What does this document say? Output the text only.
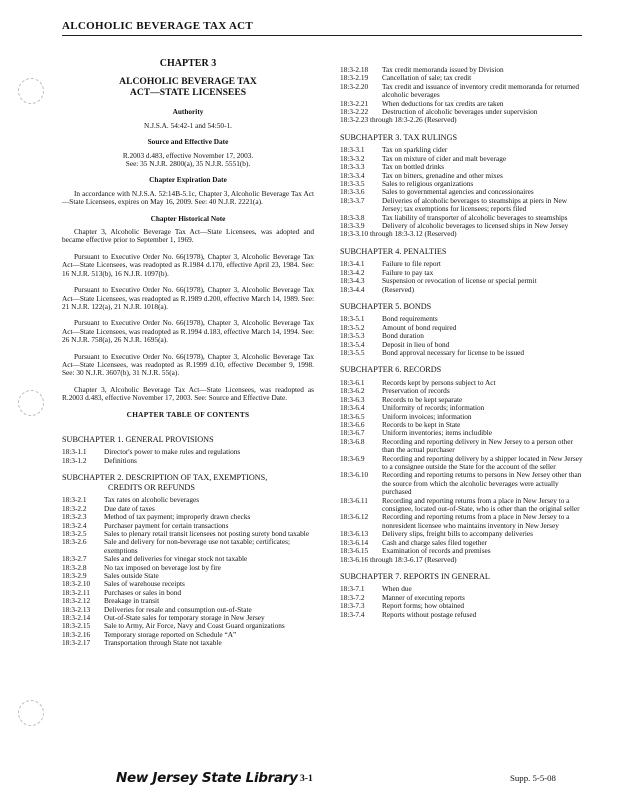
ALCOHOLIC BEVERAGE TAX ACT
CHAPTER 3
ALCOHOLIC BEVERAGE TAX
ACT—STATE LICENSEES
Authority
N.J.S.A. 54:42-1 and 54:50-1.
Source and Effective Date
R.2003 d.483, effective November 17, 2003.
See: 35 N.J.R. 2800(a), 35 N.J.R. 5551(b).
Chapter Expiration Date
In accordance with N.J.S.A. 52:14B-5.1c, Chapter 3, Alcoholic Beverage Tax Act—State Licensees, expires on May 16, 2009. See: 40 N.J.R. 2221(a).
Chapter Historical Note
Chapter 3, Alcoholic Beverage Tax Act—State Licensees, was adopted and became effective prior to September 1, 1969.
Pursuant to Executive Order No. 66(1978), Chapter 3, Alcoholic Beverage Tax Act—State Licensees, was readopted as R.1984 d.170, effective April 23, 1984. See: 16 N.J.R. 513(b), 16 N.J.R. 1097(b).
Pursuant to Executive Order No. 66(1978), Chapter 3, Alcoholic Beverage Tax Act—State Licensees, was readopted as R.1989 d.200, effective March 14, 1989. See: 21 N.J.R. 122(a), 21 N.J.R. 1018(a).
Pursuant to Executive Order No. 66(1978), Chapter 3, Alcoholic Beverage Tax Act—State Licensees, was readopted as R.1994 d.183, effective March 14, 1994. See: 26 N.J.R. 758(a), 26 N.J.R. 1695(a).
Pursuant to Executive Order No. 66(1978), Chapter 3, Alcoholic Beverage Tax Act—State Licensees, was readopted as R.1999 d.10, effective December 9, 1998. See: 30 N.J.R. 3607(b), 31 N.J.R. 55(a).
Chapter 3, Alcoholic Beverage Tax Act—State Licensees, was readopted as R.2003 d.483, effective November 17, 2003. See: Source and Effective Date.
CHAPTER TABLE OF CONTENTS
SUBCHAPTER 1. GENERAL PROVISIONS
18:3-1.1	Director's power to make rules and regulations
18:3-1.2	Definitions
SUBCHAPTER 2. DESCRIPTION OF TAX, EXEMPTIONS,
CREDITS OR REFUNDS
18:3-2.1	Tax rates on alcoholic beverages
18:3-2.2	Due date of taxes
18:3-2.3	Method of tax payment; improperly drawn checks
18:3-2.4	Purchaser payment for certain transactions
18:3-2.5	Sales to plenary retail transit licensees not posting surety bond taxable
18:3-2.6	Sale and delivery for non-beverage use not taxable; certificates; exemptions
18:3-2.7	Sales and deliveries for vinegar stock not taxable
18:3-2.8	No tax imposed on beverage lost by fire
18:3-2.9	Sales outside State
18:3-2.10	Sales of warehouse receipts
18:3-2.11	Purchases or sales in bond
18:3-2.12	Breakage in transit
18:3-2.13	Deliveries for resale and consumption out-of-State
18:3-2.14	Out-of-State sales for temporary storage in New Jersey
18:3-2.15	Sale to Army, Air Force, Navy and Coast Guard organizations
18:3-2.16	Temporary storage reported on Schedule “A”
18:3-2.17	Transportation through State not taxable
18:3-2.18	Tax credit memoranda issued by Division
18:3-2.19	Cancellation of sale; tax credit
18:3-2.20	Tax credit and issuance of inventory credit memoranda for returned alcoholic beverages
18:3-2.21	When deductions for tax credits are taken
18:3-2.22	Destruction of alcoholic beverages under supervision
18:3-2.23 through 18:3-2.26 (Reserved)
SUBCHAPTER 3. TAX RULINGS
18:3-3.1	Tax on sparkling cider
18:3-3.2	Tax on mixture of cider and malt beverage
18:3-3.3	Tax on bottled drinks
18:3-3.4	Tax on bitters, grenadine and other mixes
18:3-3.5	Sales to religious organizations
18:3-3.6	Sales to governmental agencies and concessionaires
18:3-3.7	Deliveries of alcoholic beverages to steamships at piers in New Jersey; tax exemptions for licensees; reports filed
18:3-3.8	Tax liability of transporter of alcoholic beverages to steamships
18:3-3.9	Delivery of alcoholic beverages to licensed ships in New Jersey
18:3-3.10 through 18:3-3.12 (Reserved)
SUBCHAPTER 4. PENALTIES
18:3-4.1	Failure to file report
18:3-4.2	Failure to pay tax
18:3-4.3	Suspension or revocation of license or special permit
18:3-4.4	(Reserved)
SUBCHAPTER 5. BONDS
18:3-5.1	Bond requirements
18:3-5.2	Amount of bond required
18:3-5.3	Bond duration
18:3-5.4	Deposit in lieu of bond
18:3-5.5	Bond approval necessary for license to be issued
SUBCHAPTER 6. RECORDS
18:3-6.1	Records kept by persons subject to Act
18:3-6.2	Preservation of records
18:3-6.3	Records to be kept separate
18:3-6.4	Uniformity of records; information
18:3-6.5	Uniform invoices; information
18:3-6.6	Records to be kept in State
18:3-6.7	Uniform inventories; items includible
18:3-6.8	Recording and reporting delivery in New Jersey to a person other than the actual purchaser
18:3-6.9	Recording and reporting delivery by a shipper located in New Jersey to a consignee outside the State for the account of the seller
18:3-6.10	Recording and reporting returns to persons in New Jersey other than the source from which the alcoholic beverages were actually purchased
18:3-6.11	Recording and reporting returns from a place in New Jersey to a consignee, located out-of-State, who is other than the original seller
18:3-6.12	Recording and reporting returns from a place in New Jersey to a nonresident licensee who maintains inventory in New Jersey
18:3-6.13	Delivery slips, freight bills to accompany deliveries
18:3-6.14	Cash and charge sales filed together
18:3-6.15	Examination of records and premises
18:3-6.16 through 18:3-6.17 (Reserved)
SUBCHAPTER 7. REPORTS IN GENERAL
18:3-7.1	When due
18:3-7.2	Manner of executing reports
18:3-7.3	Report forms; how obtained
18:3-7.4	Reports without postage refused
New Jersey State Library 3-1	Supp. 5-5-08
